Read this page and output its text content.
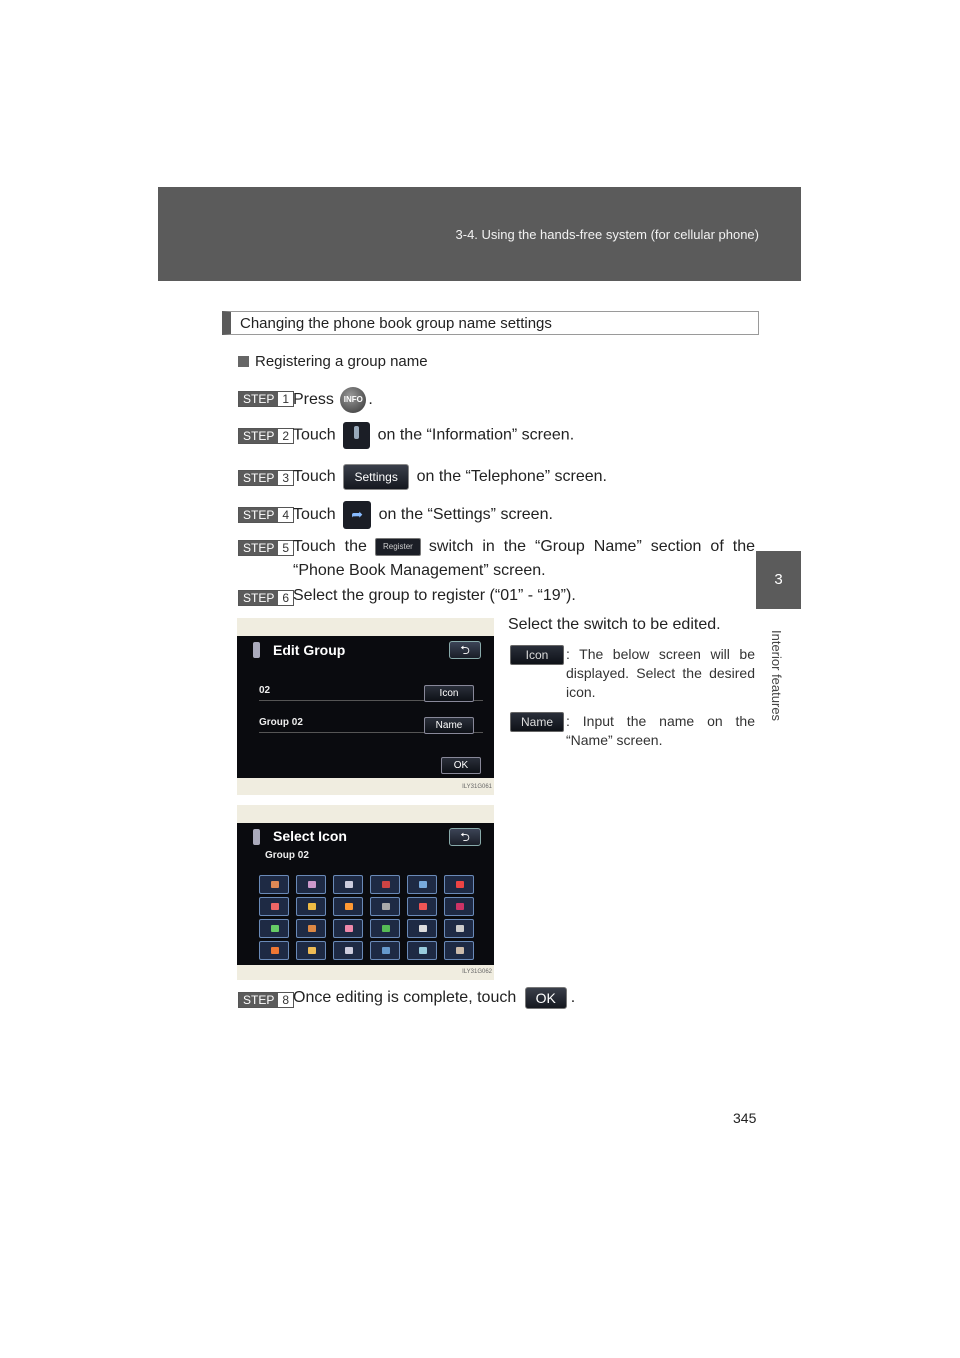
3-4. Using the hands-free system (for cellular phone)
3
Interior features
Changing the phone book group name settings
Registering a group name
STEP 1 Press INFO .
STEP 2 Touch	on the “Information” screen.
STEP 3 Touch Settings on the “Telephone” screen.
STEP 4 Touch ➦ on the “Settings” screen.
STEP 5 Touch the Register switch in the “Group Name” section of the “Phone Book Management” screen.
STEP 6 Select the group to register (“01” - “19”).
Select the switch to be edited.
Icon	: The below screen will be displayed. Select the desired icon.
Name : Input the name on the “Name” screen.
Edit Group	⮌
02	Icon
Group 02	Name
OK
ILY31G061
Select Icon	⮌
Group 02
ILY31G062
STEP 8 Once editing is complete, touch OK .
345
